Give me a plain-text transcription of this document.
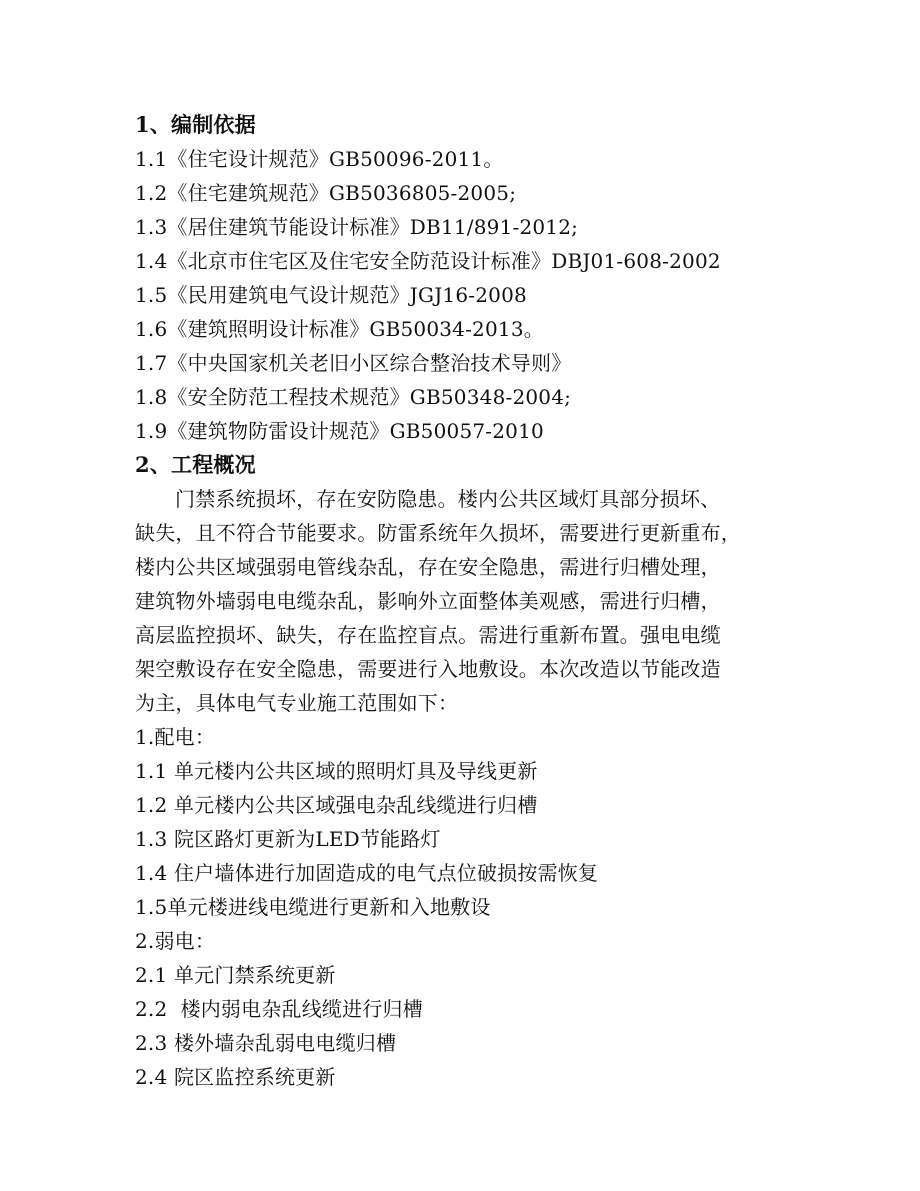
1、编制依据
1.1《住宅设计规范》GB50096-2011。
1.2《住宅建筑规范》GB5036805-2005;
1.3《居住建筑节能设计标准》DB11/891-2012;
1.4《北京市住宅区及住宅安全防范设计标准》DBJ01-608-2002
1.5《民用建筑电气设计规范》JGJ16-2008
1.6《建筑照明设计标准》GB50034-2013。
1.7《中央国家机关老旧小区综合整治技术导则》
1.8《安全防范工程技术规范》GB50348-2004;
1.9《建筑物防雷设计规范》GB50057-2010
2、工程概况
门禁系统损坏，存在安防隐患。楼内公共区域灯具部分损坏、
缺失，且不符合节能要求。防雷系统年久损坏，需要进行更新重布，
楼内公共区域强弱电管线杂乱，存在安全隐患，需进行归槽处理，
建筑物外墙弱电电缆杂乱，影响外立面整体美观感，需进行归槽，
高层监控损坏、缺失，存在监控盲点。需进行重新布置。强电电缆
架空敷设存在安全隐患，需要进行入地敷设。本次改造以节能改造
为主，具体电气专业施工范围如下：
1.配电：
1.1 单元楼内公共区域的照明灯具及导线更新
1.2 单元楼内公共区域强电杂乱线缆进行归槽
1.3 院区路灯更新为LED节能路灯
1.4 住户墙体进行加固造成的电气点位破损按需恢复
1.5单元楼进线电缆进行更新和入地敷设
2.弱电：
2.1 单元门禁系统更新
2.2  楼内弱电杂乱线缆进行归槽
2.3 楼外墙杂乱弱电电缆归槽
2.4 院区监控系统更新
